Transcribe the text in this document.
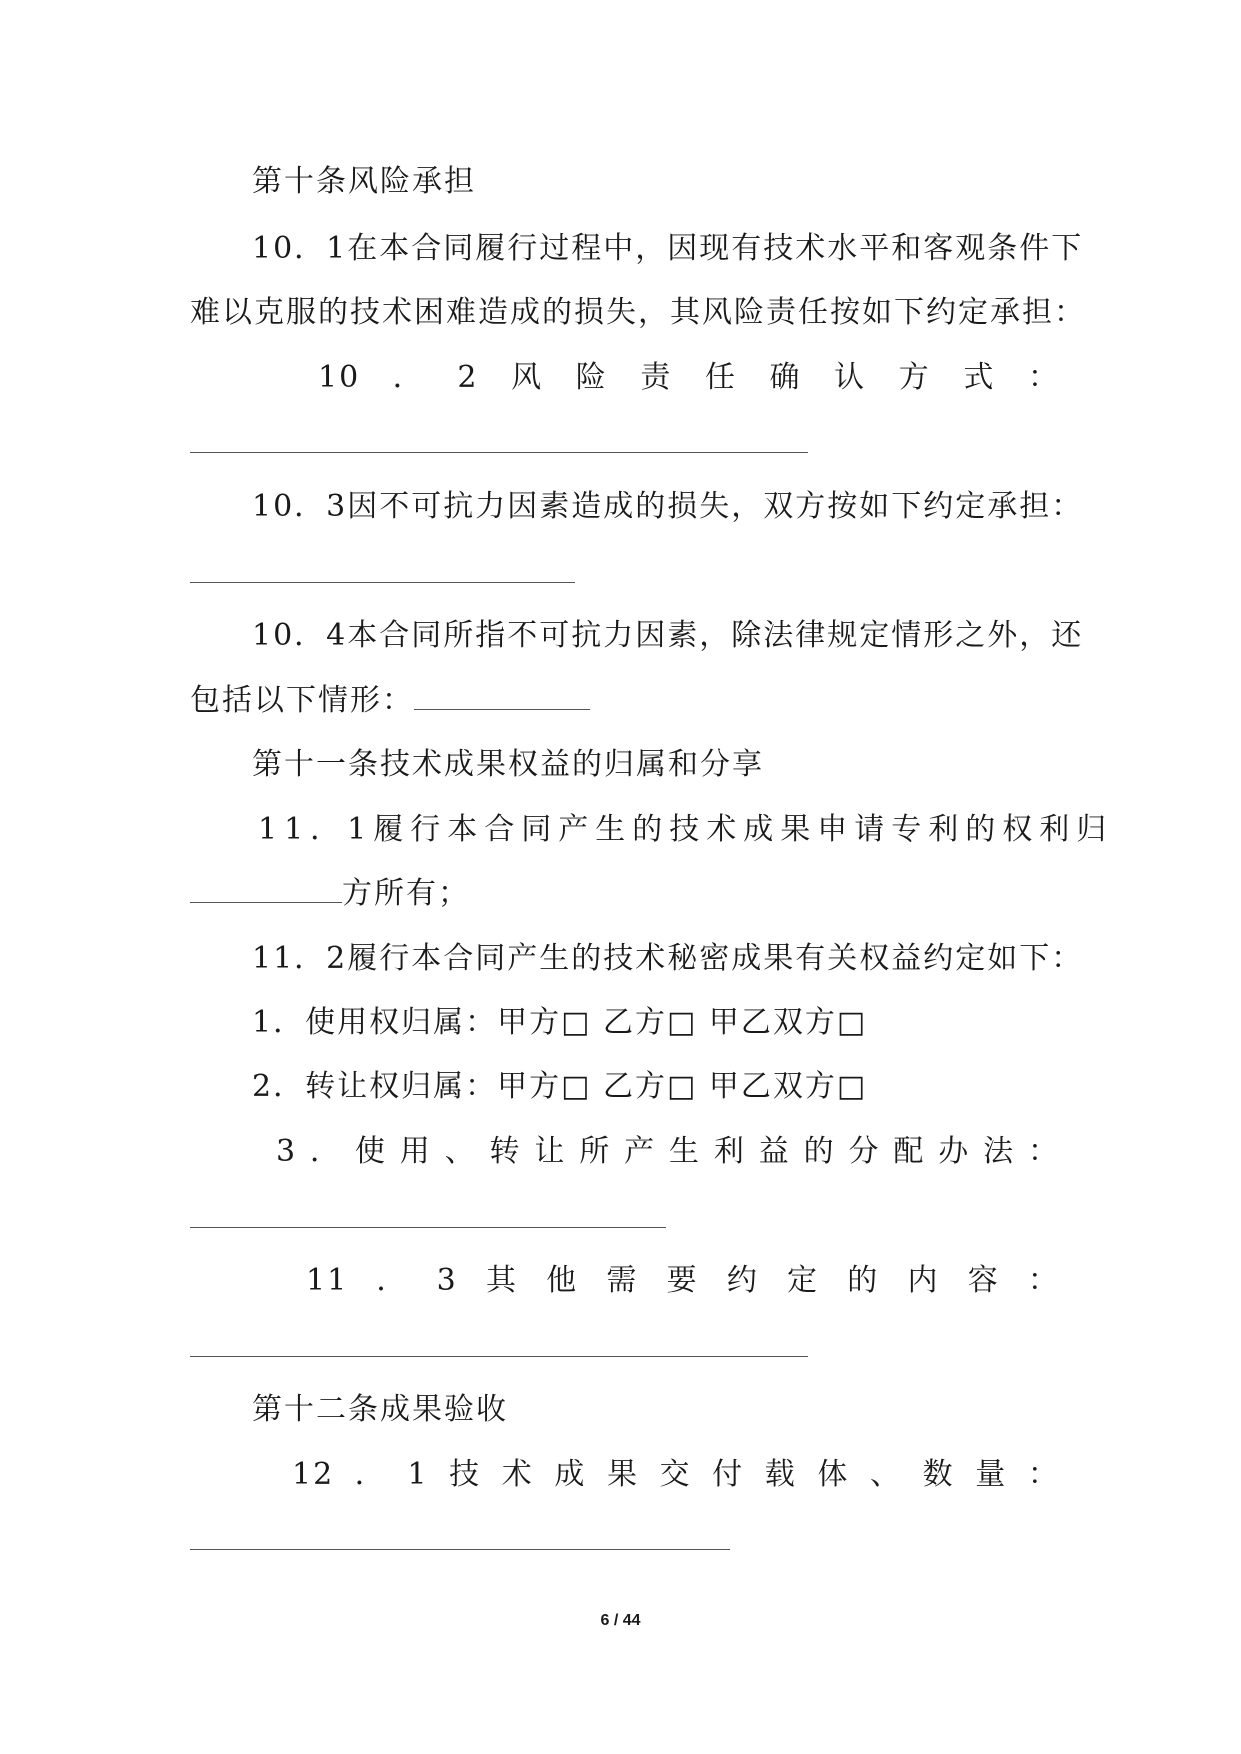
第十条风险承担
10．1在本合同履行过程中，因现有技术水平和客观条件下
难以克服的技术困难造成的损失，其风险责任按如下约定承担：
10 ． 2 风 险 责 任 确 认 方 式 ：
10．3因不可抗力因素造成的损失，双方按如下约定承担：
10．4本合同所指不可抗力因素，除法律规定情形之外，还
包括以下情形：
第十一条技术成果权益的归属和分享
11．1履行本合同产生的技术成果申请专利的权利归
方所有；
11．2履行本合同产生的技术秘密成果有关权益约定如下：
1．使用权归属：甲方□ 乙方□ 甲乙双方□
2．转让权归属：甲方□ 乙方□ 甲乙双方□
3 ． 使 用 、 转 让 所 产 生 利 益 的 分 配 办 法 ：
11 ． 3 其 他 需 要 约 定 的 内 容 ：
第十二条成果验收
12 ． 1 技 术 成 果 交 付 载 体 、 数 量 ：
6 / 44
